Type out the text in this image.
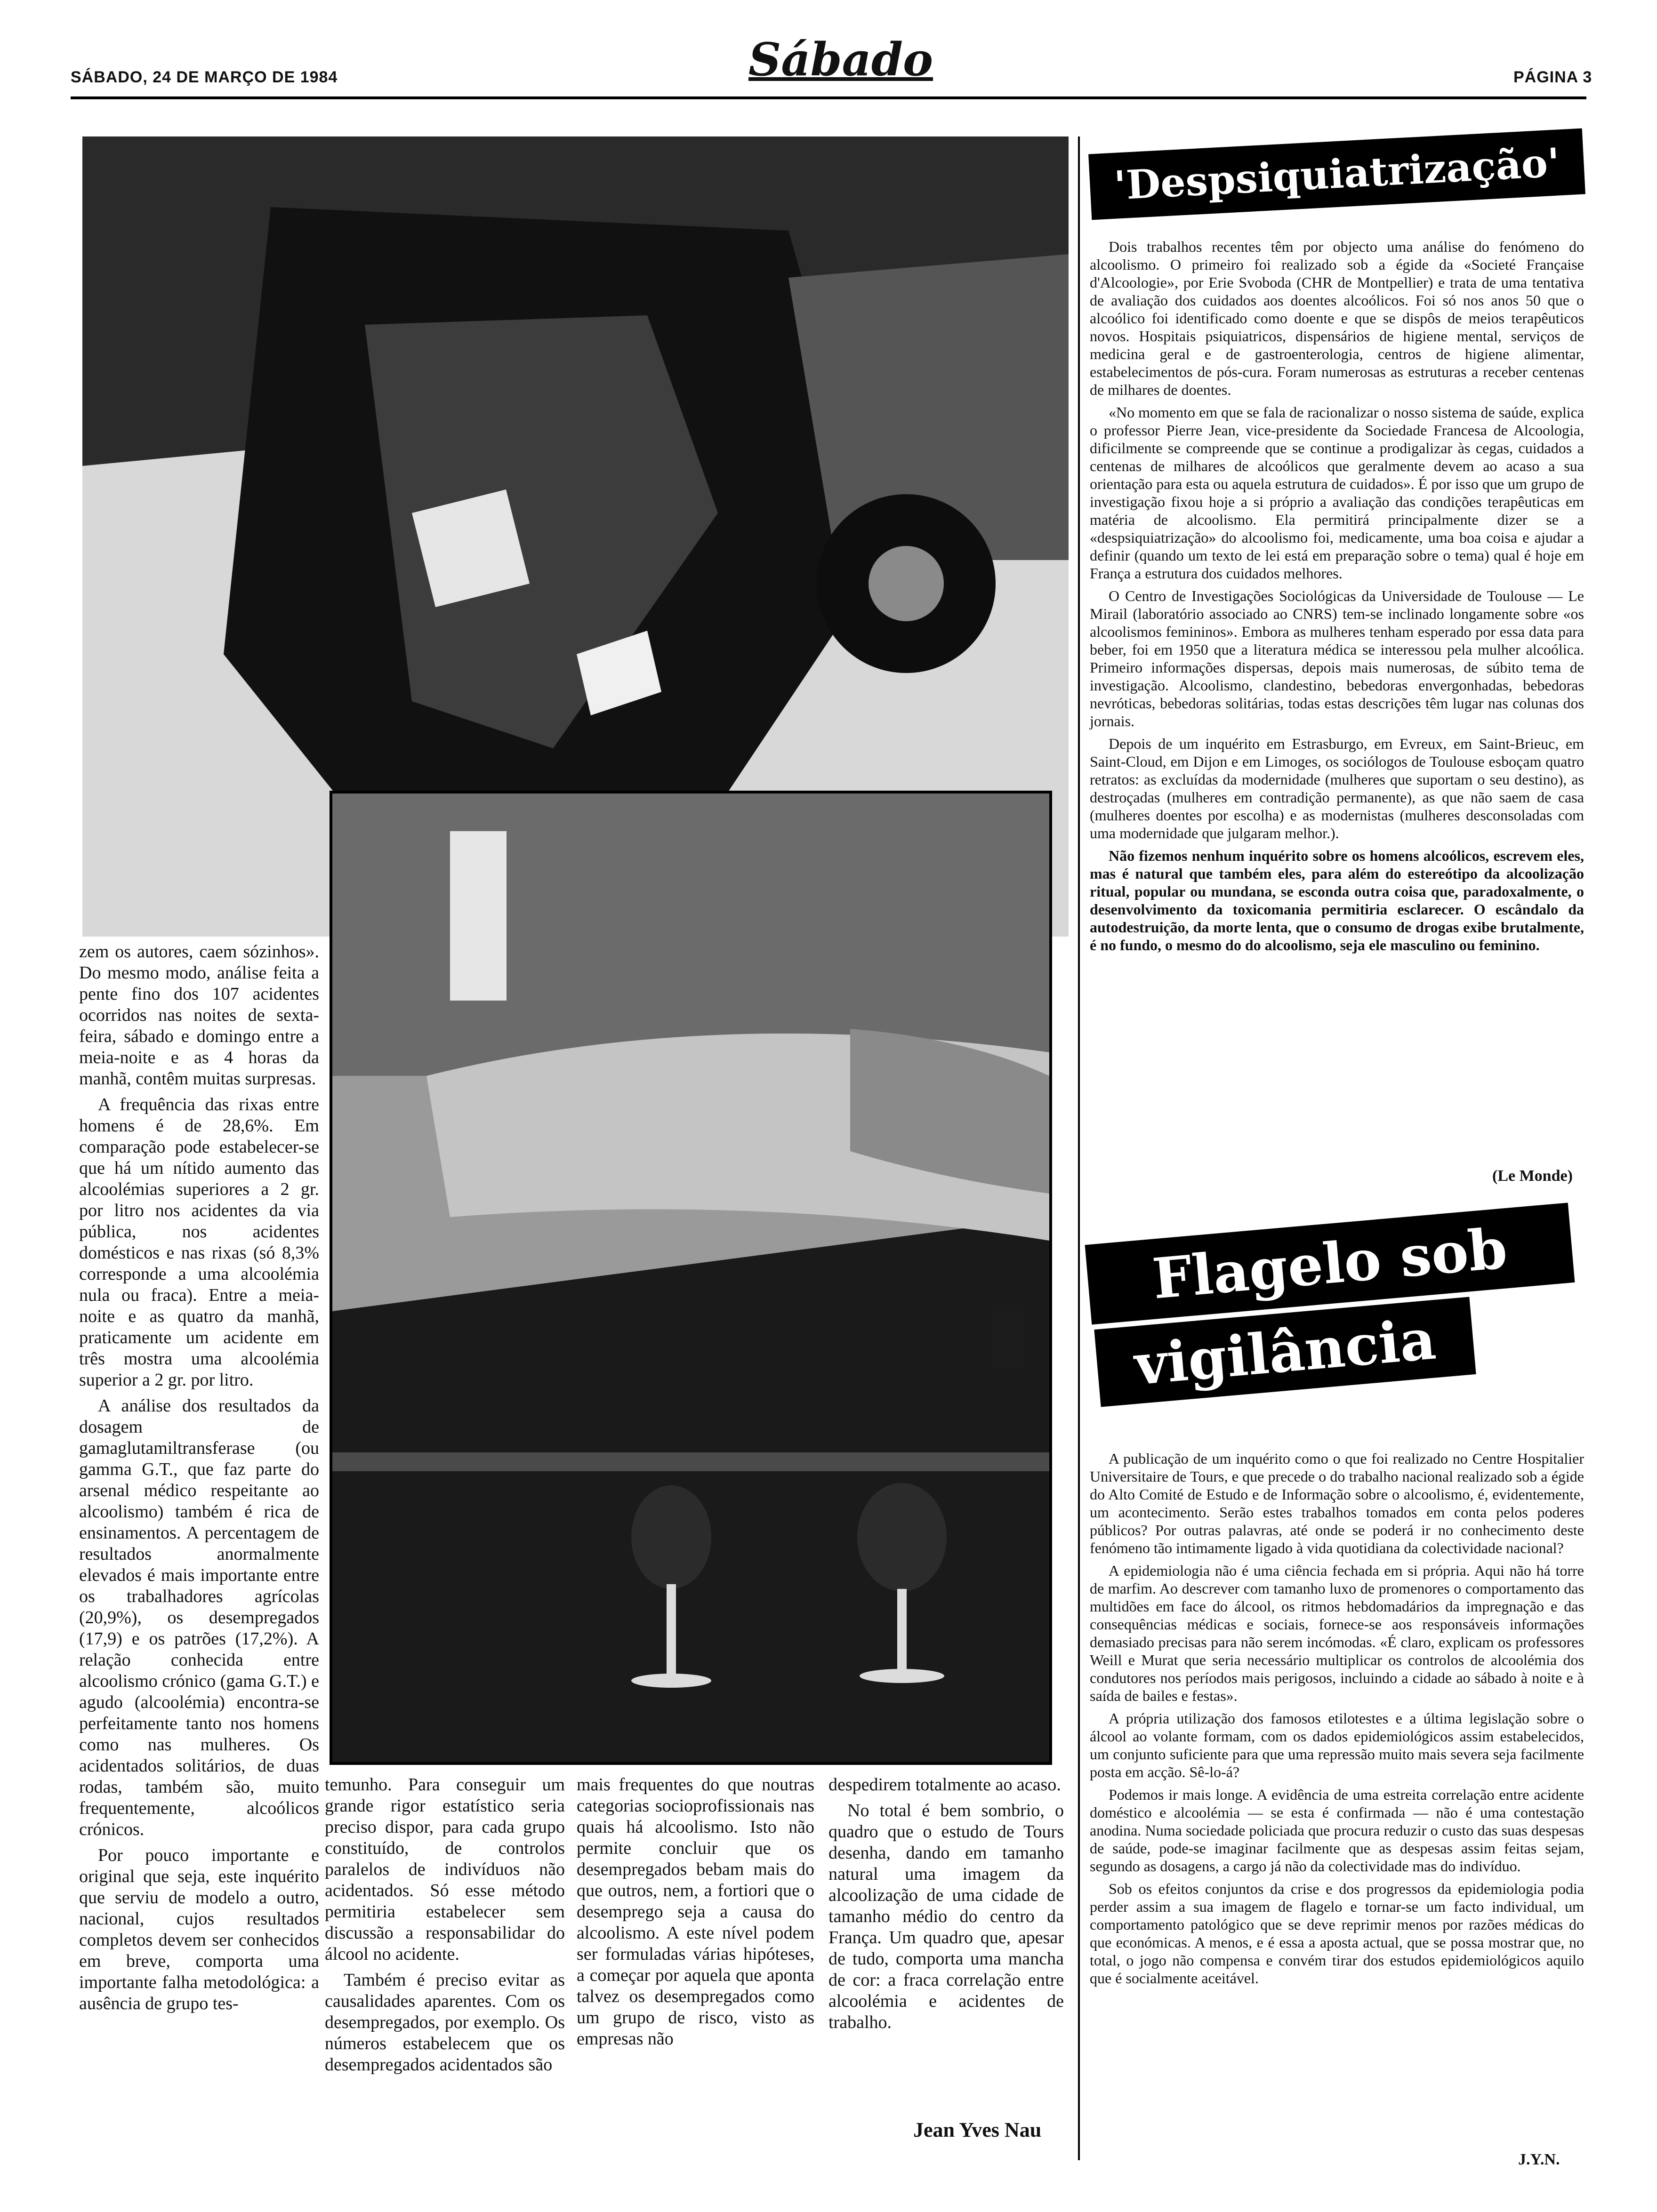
SÁBADO, 24 DE MARÇO DE 1984	Sábado	PÁGINA 3

zem os autores, caem sózinhos». Do mesmo modo, análise feita a pente fino dos 107 acidentes ocorridos nas noites de sexta-feira, sábado e domingo entre a meia-noite e as 4 horas da manhã, contêm muitas surpresas.

A frequência das rixas entre homens é de 28,6%. Em comparação pode estabelecer-se que há um nítido aumento das alcoolémias superiores a 2 gr. por litro nos acidentes da via pública, nos acidentes domésticos e nas rixas (só 8,3% corresponde a uma alcoolémia nula ou fraca). Entre a meia-noite e as quatro da manhã, praticamente um acidente em três mostra uma alcoolémia superior a 2 gr. por litro.

A análise dos resultados da dosagem de gamaglutamiltransferase (ou gamma G.T., que faz parte do arsenal médico respeitante ao alcoolismo) também é rica de ensinamentos. A percentagem de resultados anormalmente elevados é mais importante entre os trabalhadores agrícolas (20,9%), os desempregados (17,9) e os patrões (17,2%). A relação conhecida entre alcoolismo crónico (gama G.T.) e agudo (alcoolémia) encontra-se perfeitamente tanto nos homens como nas mulheres. Os acidentados solitários, de duas rodas, também são, muito frequentemente, alcoólicos crónicos.

Por pouco importante e original que seja, este inquérito que serviu de modelo a outro, nacional, cujos resultados completos devem ser conhecidos em breve, comporta uma importante falha metodológica: a ausência de grupo tes-

temunho. Para conseguir um grande rigor estatístico seria preciso dispor, para cada grupo constituído, de controlos paralelos de indivíduos não acidentados. Só esse método permitiria estabelecer sem discussão a responsabilidar do álcool no acidente.

Também é preciso evitar as causalidades aparentes. Com os desempregados, por exemplo. Os números estabelecem que os desempregados acidentados são

mais frequentes do que noutras categorias socioprofissionais nas quais há alcoolismo. Isto não permite concluir que os desempregados bebam mais do que outros, nem, a fortiori que o desemprego seja a causa do alcoolismo. A este nível podem ser formuladas várias hipóteses, a começar por aquela que aponta talvez os desempregados como um grupo de risco, visto as empresas não

despedirem totalmente ao acaso.

No total é bem sombrio, o quadro que o estudo de Tours desenha, dando em tamanho natural uma imagem da alcoolização de uma cidade de tamanho médio do centro da França. Um quadro que, apesar de tudo, comporta uma mancha de cor: a fraca correlação entre alcoolémia e acidentes de trabalho.

Jean Yves Nau
'Despsiquiatrização'

Dois trabalhos recentes têm por objecto uma análise do fenómeno do alcoolismo. O primeiro foi realizado sob a égide da «Societé Française d'Alcoologie», por Erie Svoboda (CHR de Montpellier) e trata de uma tentativa de avaliação dos cuidados aos doentes alcoólicos. Foi só nos anos 50 que o alcoólico foi identificado como doente e que se dispôs de meios terapêuticos novos. Hospitais psiquiatricos, dispensários de higiene mental, serviços de medicina geral e de gastroenterologia, centros de higiene alimentar, estabelecimentos de pós-cura. Foram numerosas as estruturas a receber centenas de milhares de doentes.

«No momento em que se fala de racionalizar o nosso sistema de saúde, explica o professor Pierre Jean, vice-presidente da Sociedade Francesa de Alcoologia, dificilmente se compreende que se continue a prodigalizar às cegas, cuidados a centenas de milhares de alcoólicos que geralmente devem ao acaso a sua orientação para esta ou aquela estrutura de cuidados». É por isso que um grupo de investigação fixou hoje a si próprio a avaliação das condições terapêuticas em matéria de alcoolismo. Ela permitirá principalmente dizer se a «despsiquiatrização» do alcoolismo foi, medicamente, uma boa coisa e ajudar a definir (quando um texto de lei está em preparação sobre o tema) qual é hoje em França a estrutura dos cuidados melhores.

O Centro de Investigações Sociológicas da Universidade de Toulouse — Le Mirail (laboratório associado ao CNRS) tem-se inclinado longamente sobre «os alcoolismos femininos». Embora as mulheres tenham esperado por essa data para beber, foi em 1950 que a literatura médica se interessou pela mulher alcoólica. Primeiro informações dispersas, depois mais numerosas, de súbito tema de investigação. Alcoolismo, clandestino, bebedoras envergonhadas, bebedoras nevróticas, bebedoras solitárias, todas estas descrições têm lugar nas colunas dos jornais.

Depois de um inquérito em Estrasburgo, em Evreux, em Saint-Brieuc, em Saint-Cloud, em Dijon e em Limoges, os sociólogos de Toulouse esboçam quatro retratos: as excluídas da modernidade (mulheres que suportam o seu destino), as destroçadas (mulheres em contradição permanente), as que não saem de casa (mulheres doentes por escolha) e as modernistas (mulheres desconsoladas com uma modernidade que julgaram melhor.).

Não fizemos nenhum inquérito sobre os homens alcoólicos, escrevem eles, mas é natural que também eles, para além do estereótipo da alcoolização ritual, popular ou mundana, se esconda outra coisa que, paradoxalmente, o desenvolvimento da toxicomania permitiria esclarecer. O escândalo da autodestruição, da morte lenta, que o consumo de drogas exibe brutalmente, é no fundo, o mesmo do do alcoolismo, seja ele masculino ou feminino.

(Le Monde)
Flagelo sob
vigilância

A publicação de um inquérito como o que foi realizado no Centre Hospitalier Universitaire de Tours, e que precede o do trabalho nacional realizado sob a égide do Alto Comité de Estudo e de Informação sobre o alcoolismo, é, evidentemente, um acontecimento. Serão estes trabalhos tomados em conta pelos poderes públicos? Por outras palavras, até onde se poderá ir no conhecimento deste fenómeno tão intimamente ligado à vida quotidiana da colectividade nacional?

A epidemiologia não é uma ciência fechada em si própria. Aqui não há torre de marfim. Ao descrever com tamanho luxo de promenores o comportamento das multidões em face do álcool, os ritmos hebdomadários da impregnação e das consequências médicas e sociais, fornece-se aos responsáveis informações demasiado precisas para não serem incómodas. «É claro, explicam os professores Weill e Murat que seria necessário multiplicar os controlos de alcoolémia dos condutores nos períodos mais perigosos, incluindo a cidade ao sábado à noite e à saída de bailes e festas».

A própria utilização dos famosos etilotestes e a última legislação sobre o álcool ao volante formam, com os dados epidemiológicos assim estabelecidos, um conjunto suficiente para que uma repressão muito mais severa seja facilmente posta em acção. Sê-lo-á?

Podemos ir mais longe. A evidência de uma estreita correlação entre acidente doméstico e alcoolémia — se esta é confirmada — não é uma contestação anodina. Numa sociedade policiada que procura reduzir o custo das suas despesas de saúde, pode-se imaginar facilmente que as despesas assim feitas sejam, segundo as dosagens, a cargo já não da colectividade mas do indivíduo.

Sob os efeitos conjuntos da crise e dos progressos da epidemiologia podia perder assim a sua imagem de flagelo e tornar-se um facto individual, um comportamento patológico que se deve reprimir menos por razões médicas do que económicas. A menos, e é essa a aposta actual, que se possa mostrar que, no total, o jogo não compensa e convém tirar dos estudos epidemiológicos aquilo que é socialmente aceitável.

J.Y.N.
